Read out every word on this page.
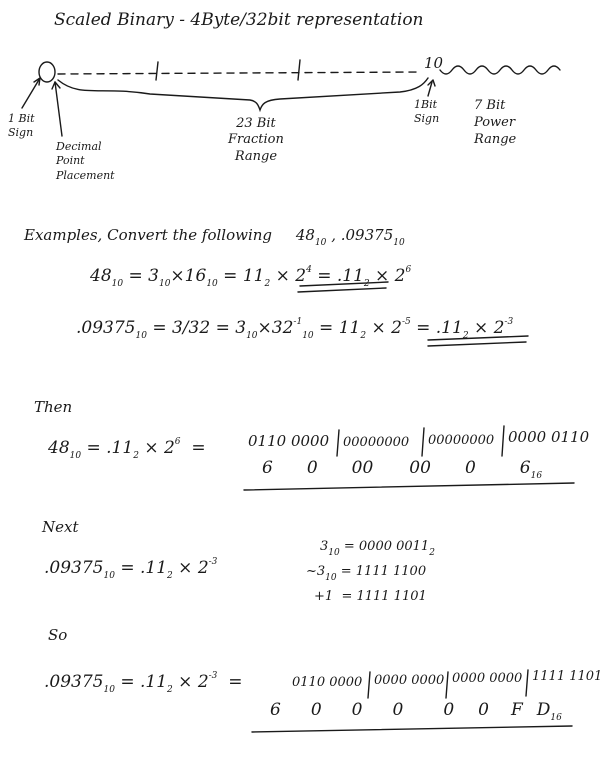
Scaled Binary - 4Byte/32bit representation
10
1 Bit
Sign
Decimal
Point
Placement
23 Bit
Fraction
Range
1Bit
Sign
7 Bit
Power
Range
Examples, Convert the following $48_{10}$ , $.09375_{10}$
$48_{10} = 3_{10}\times 16_{10} = 11_2 \times 2^4 = .11_2 \times 2^6$
$.09375_{10} = 3/32 = 3_{10}\times 32^{-1}_{10} = 11_2 \times 2^{-5} = .11_2 \times 2^{-3}$
Then
$48_{10} = .11_2 \times 2^6$ =	0110 0000 00000000 00000000 0000 0110
6 0 00 00 0	$6_{16}$
Next
$.09375_{10} = .11_2 \times 2^{-3}$
$3_{10} = 0000$ $0011_2$
$\sim 3_{10} = 1111$ 1100
+1 = 1111 1101
So
$.09375_{10} = .11_2 \times 2^{-3}$ =	0110 0000 0000 0000 0000 0000 1111 1101
6 0 0 0 0 0 F $D_{16}$
